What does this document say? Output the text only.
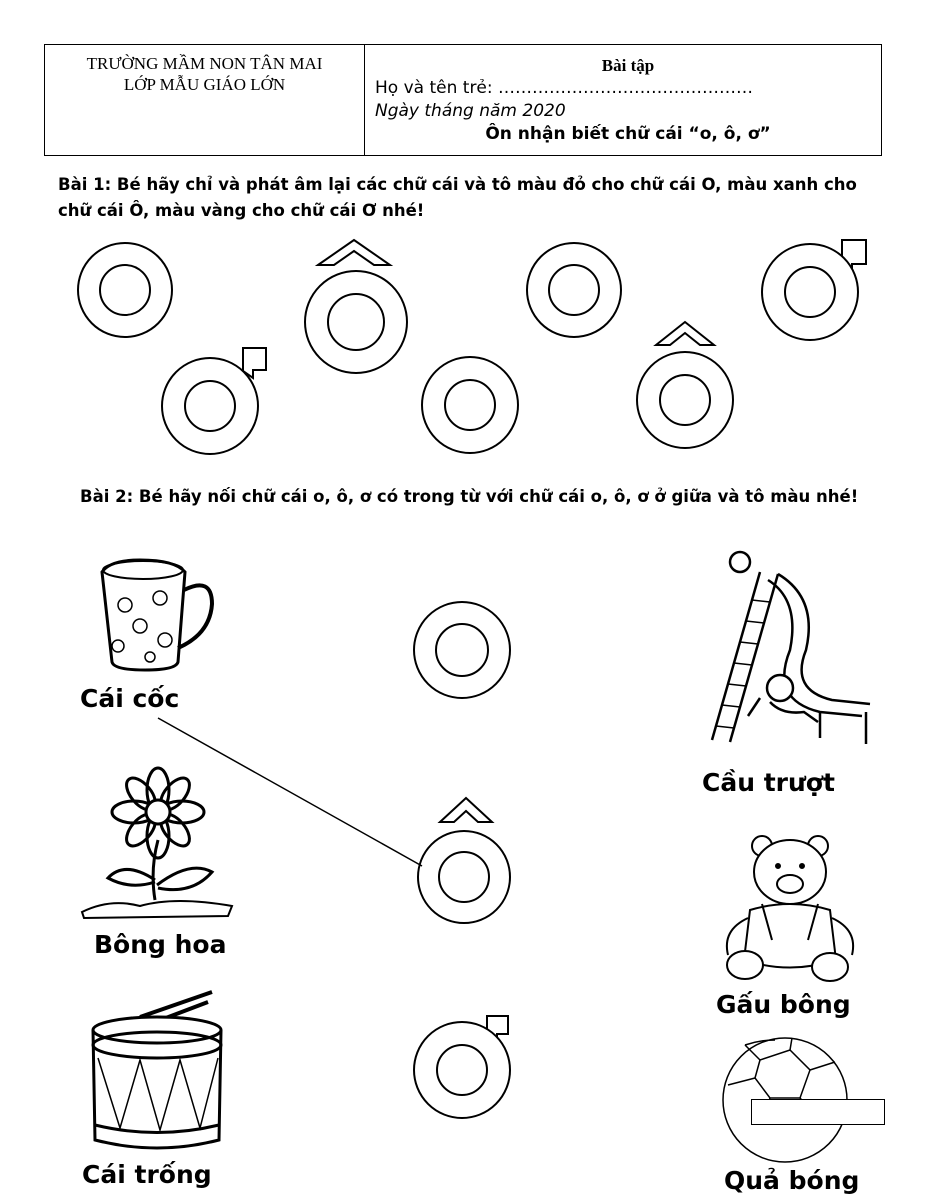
TRƯỜNG MẦM NON TÂN MAI
LỚP MẪU GIÁO LỚN
Bài tập
Họ và tên trẻ: ………………………………………
Ngày tháng năm 2020
Ôn nhận biết chữ cái “o, ô, ơ”
Bài 1: Bé hãy chỉ và phát âm lại các chữ cái và tô màu đỏ cho chữ cái O, màu xanh cho chữ cái Ô, màu vàng cho chữ cái Ơ nhé!
Bài 2: Bé hãy nối chữ cái o, ô, ơ có trong từ với chữ cái o, ô, ơ ở giữa và tô màu nhé!
Cái cốc
Bông hoa
Cái trống
Cầu trượt
Gấu bông
Quả bóng
